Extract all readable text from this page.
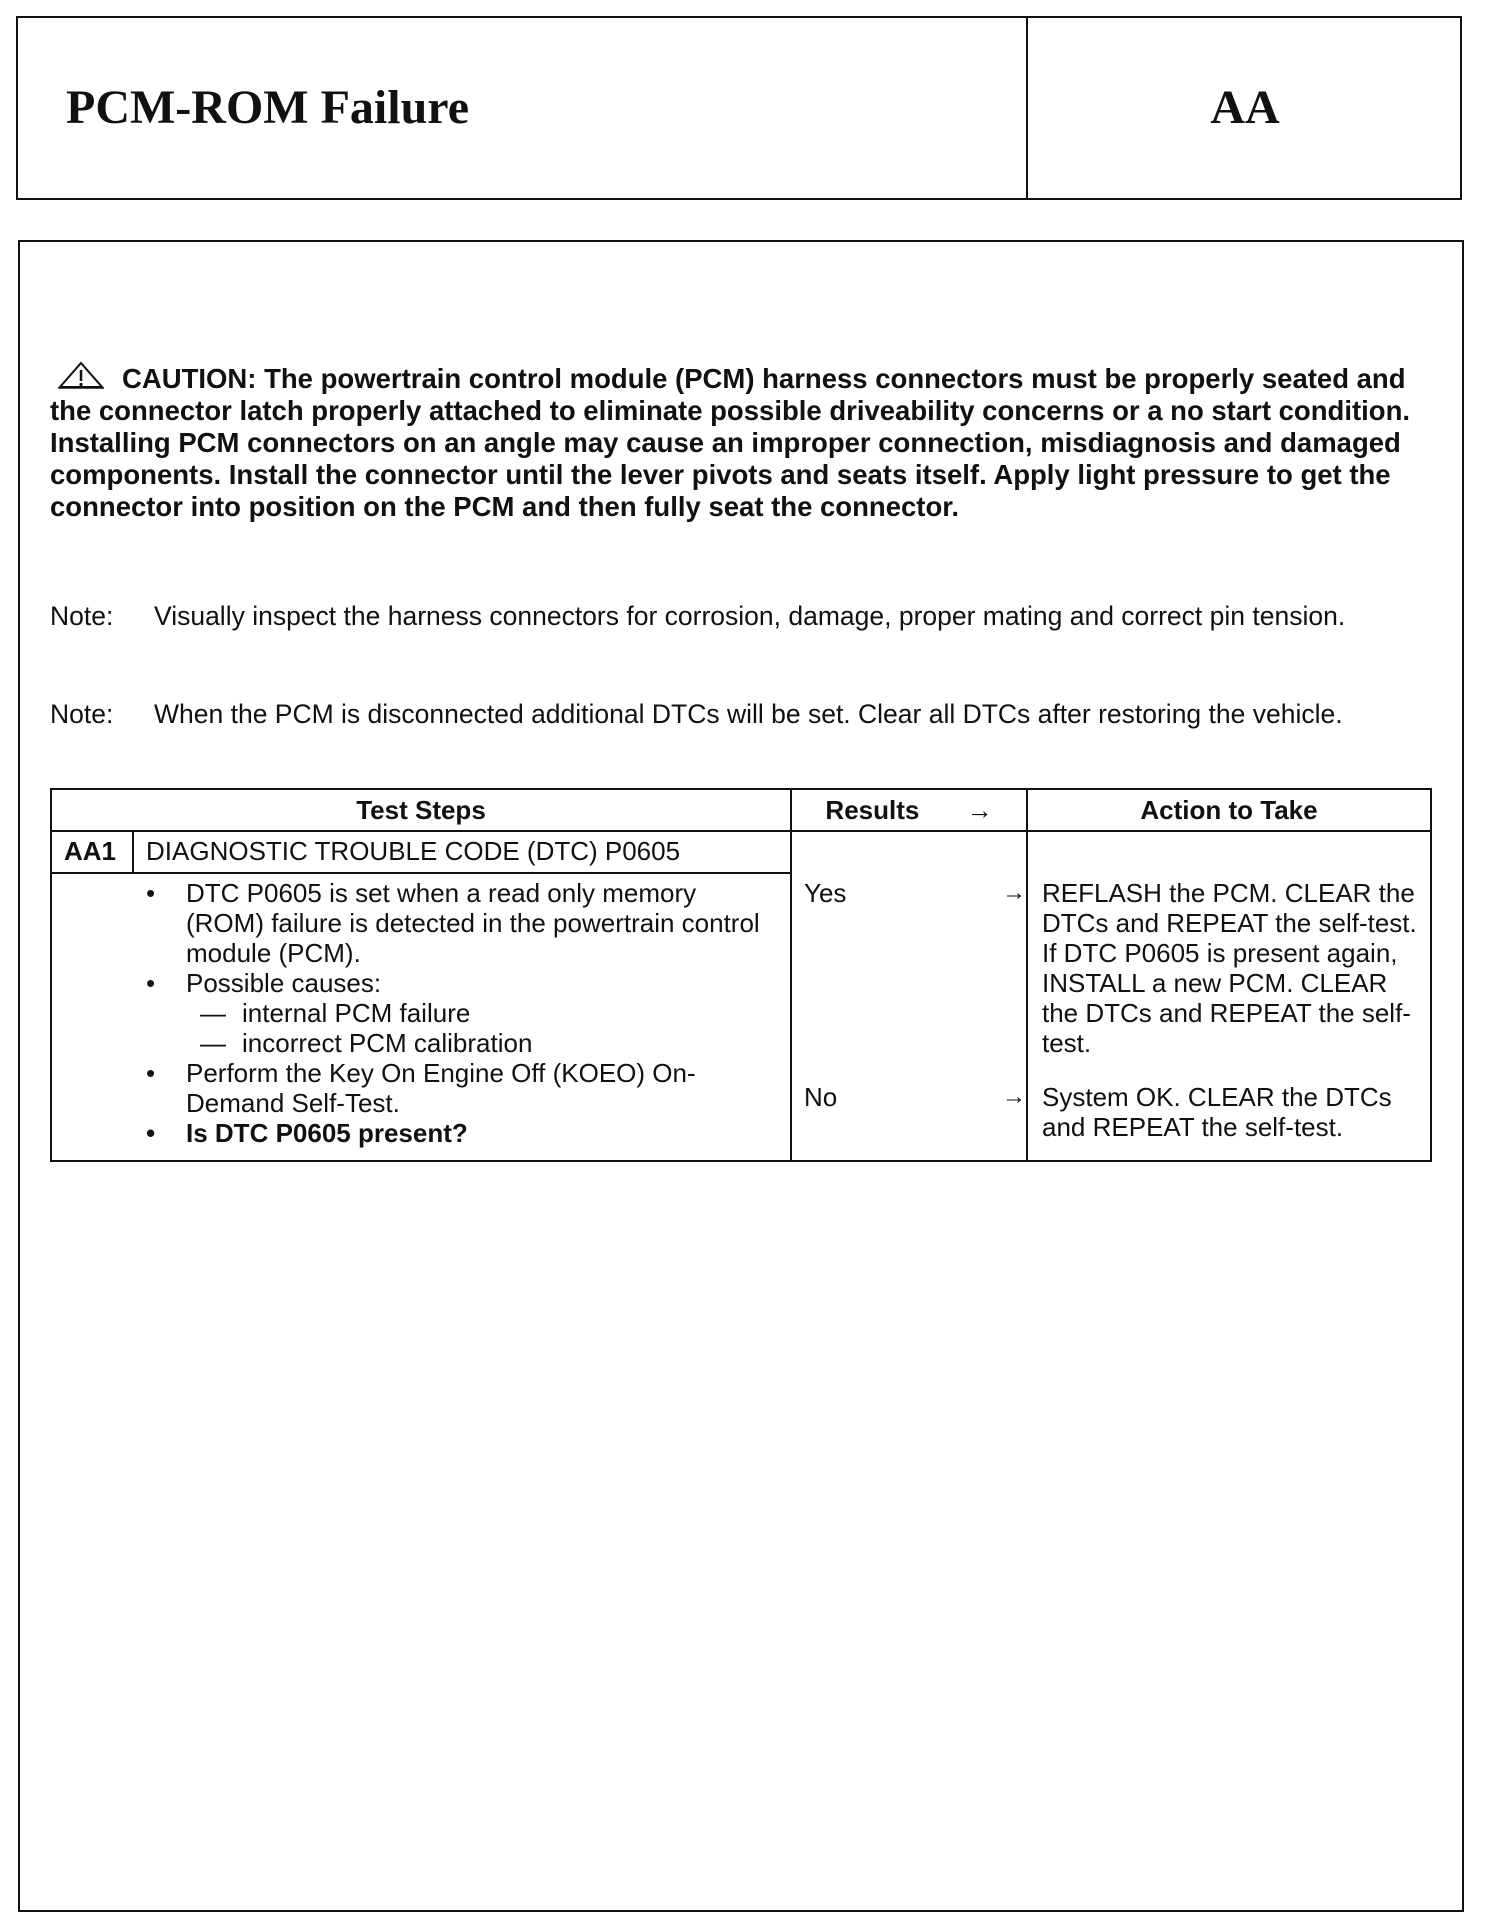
PCM-ROM Failure	AA
CAUTION: The powertrain control module (PCM) harness connectors must be properly seated and the connector latch properly attached to eliminate possible driveability concerns or a no start condition. Installing PCM connectors on an angle may cause an improper connection, misdiagnosis and damaged components. Install the connector until the lever pivots and seats itself. Apply light pressure to get the connector into position on the PCM and then fully seat the connector.
Note:	Visually inspect the harness connectors for corrosion, damage, proper mating and correct pin tension.
Note:	When the PCM is disconnected additional DTCs will be set. Clear all DTCs after restoring the vehicle.
Test Steps	Results →	Action to Take
AA1 DIAGNOSTIC TROUBLE CODE (DTC) P0605
• DTC P0605 is set when a read only memory (ROM) failure is detected in the powertrain control module (PCM).
• Possible causes:
— internal PCM failure
— incorrect PCM calibration
• Perform the Key On Engine Off (KOEO) On-Demand Self-Test.
• Is DTC P0605 present?
Yes	→ REFLASH the PCM. CLEAR the DTCs and REPEAT the self-test. If DTC P0605 is present again, INSTALL a new PCM. CLEAR the DTCs and REPEAT the self-test.
No	→ System OK. CLEAR the DTCs and REPEAT the self-test.
